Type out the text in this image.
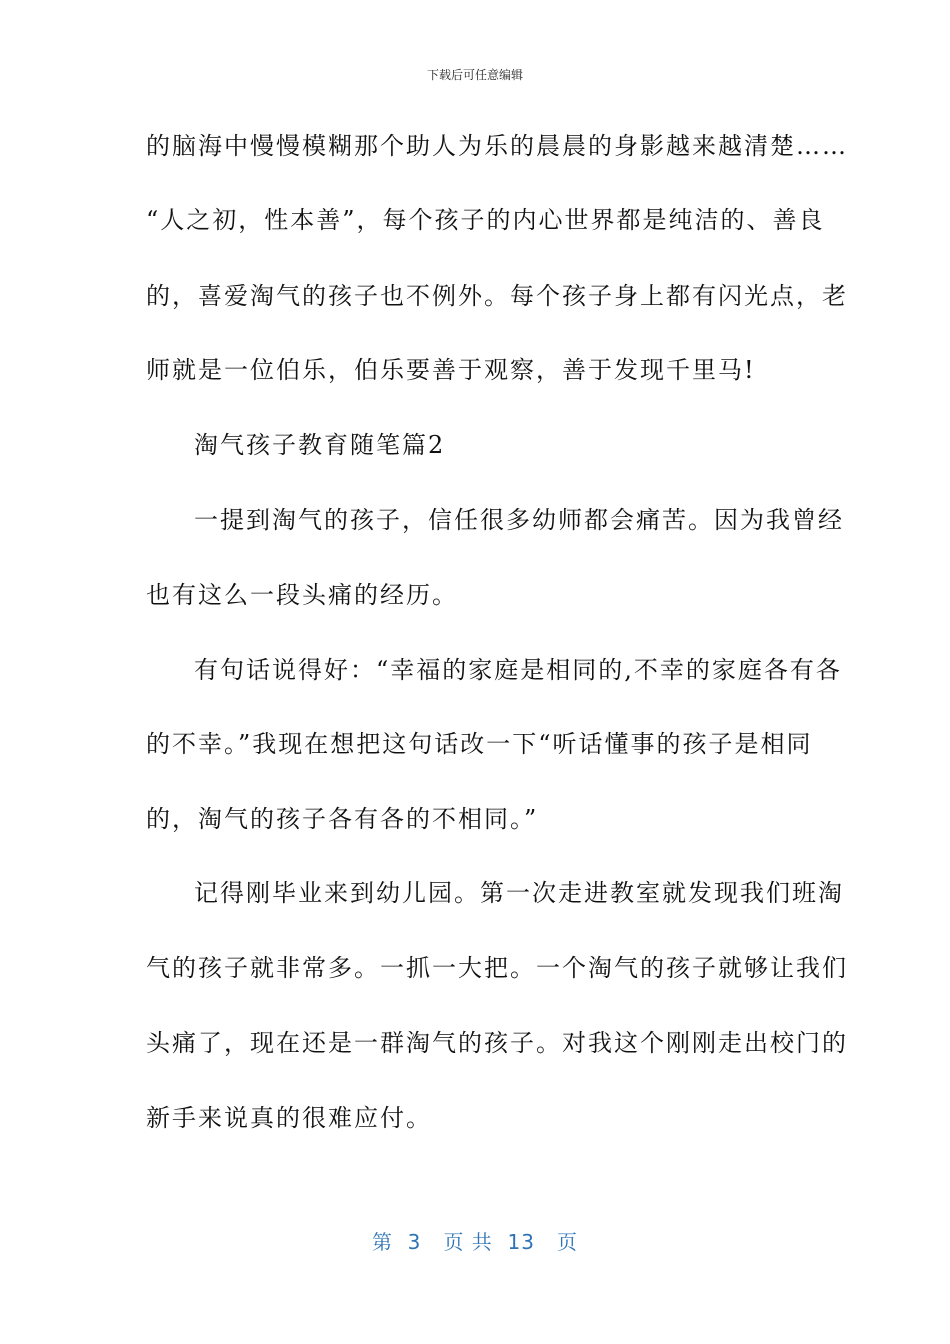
下载后可任意编辑
的脑海中慢慢模糊那个助人为乐的晨晨的身影越来越清楚……
“人之初，性本善”，每个孩子的内心世界都是纯洁的、善良
的，喜爱淘气的孩子也不例外。每个孩子身上都有闪光点，老
师就是一位伯乐，伯乐要善于观察，善于发现千里马!
淘气孩子教育随笔篇2
一提到淘气的孩子，信任很多幼师都会痛苦。因为我曾经
也有这么一段头痛的经历。
有句话说得好：“幸福的家庭是相同的,不幸的家庭各有各
的不幸。”我现在想把这句话改一下“听话懂事的孩子是相同
的，淘气的孩子各有各的不相同。”
记得刚毕业来到幼儿园。第一次走进教室就发现我们班淘
气的孩子就非常多。一抓一大把。一个淘气的孩子就够让我们
头痛了，现在还是一群淘气的孩子。对我这个刚刚走出校门的
新手来说真的很难应付。
第  3   页 共  13   页
